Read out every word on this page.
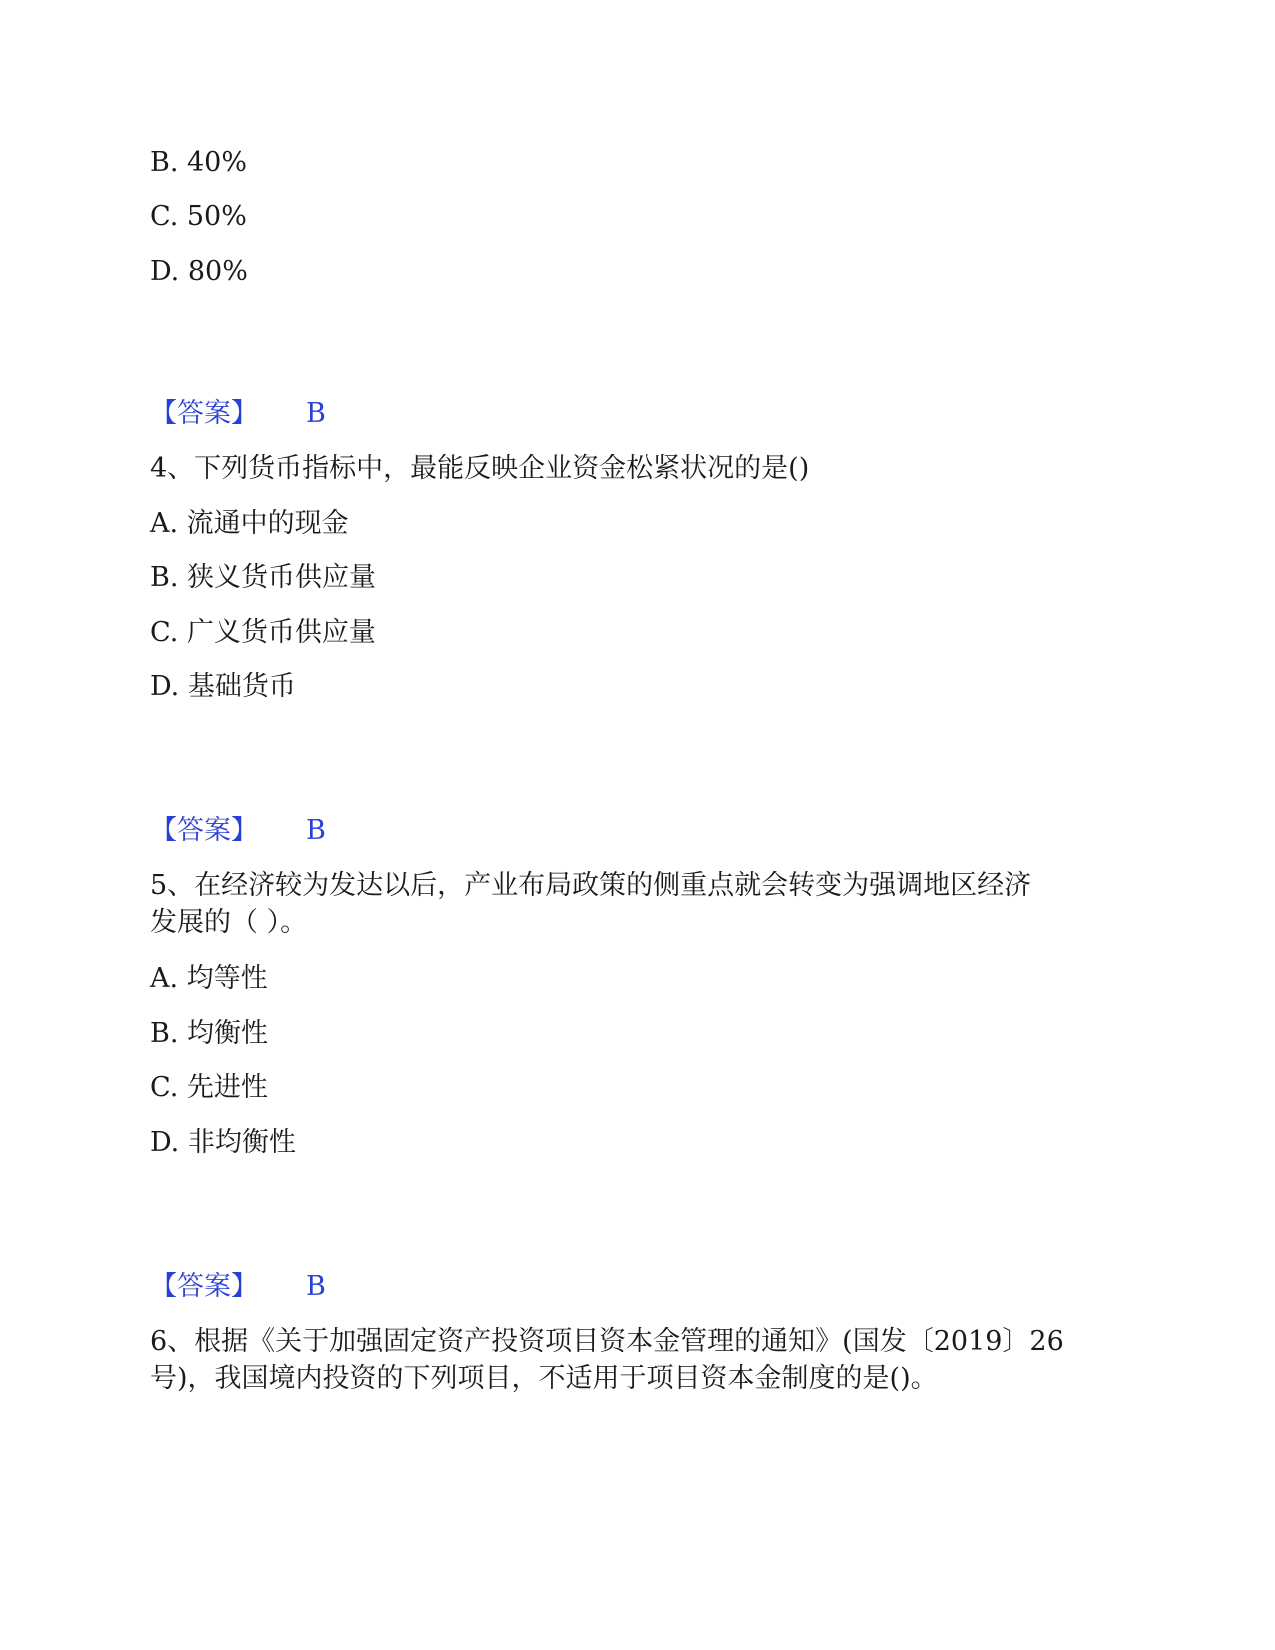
B. 40%
C. 50%
D. 80%
【答案】 B
4、下列货币指标中，最能反映企业资金松紧状况的是()
A. 流通中的现金
B. 狭义货币供应量
C. 广义货币供应量
D. 基础货币
【答案】 B
5、在经济较为发达以后，产业布局政策的侧重点就会转变为强调地区经济
发展的（ ）。
A. 均等性
B. 均衡性
C. 先进性
D. 非均衡性
【答案】 B
6、根据《关于加强固定资产投资项目资本金管理的通知》(国发〔2019〕26
号)，我国境内投资的下列项目，不适用于项目资本金制度的是()。
